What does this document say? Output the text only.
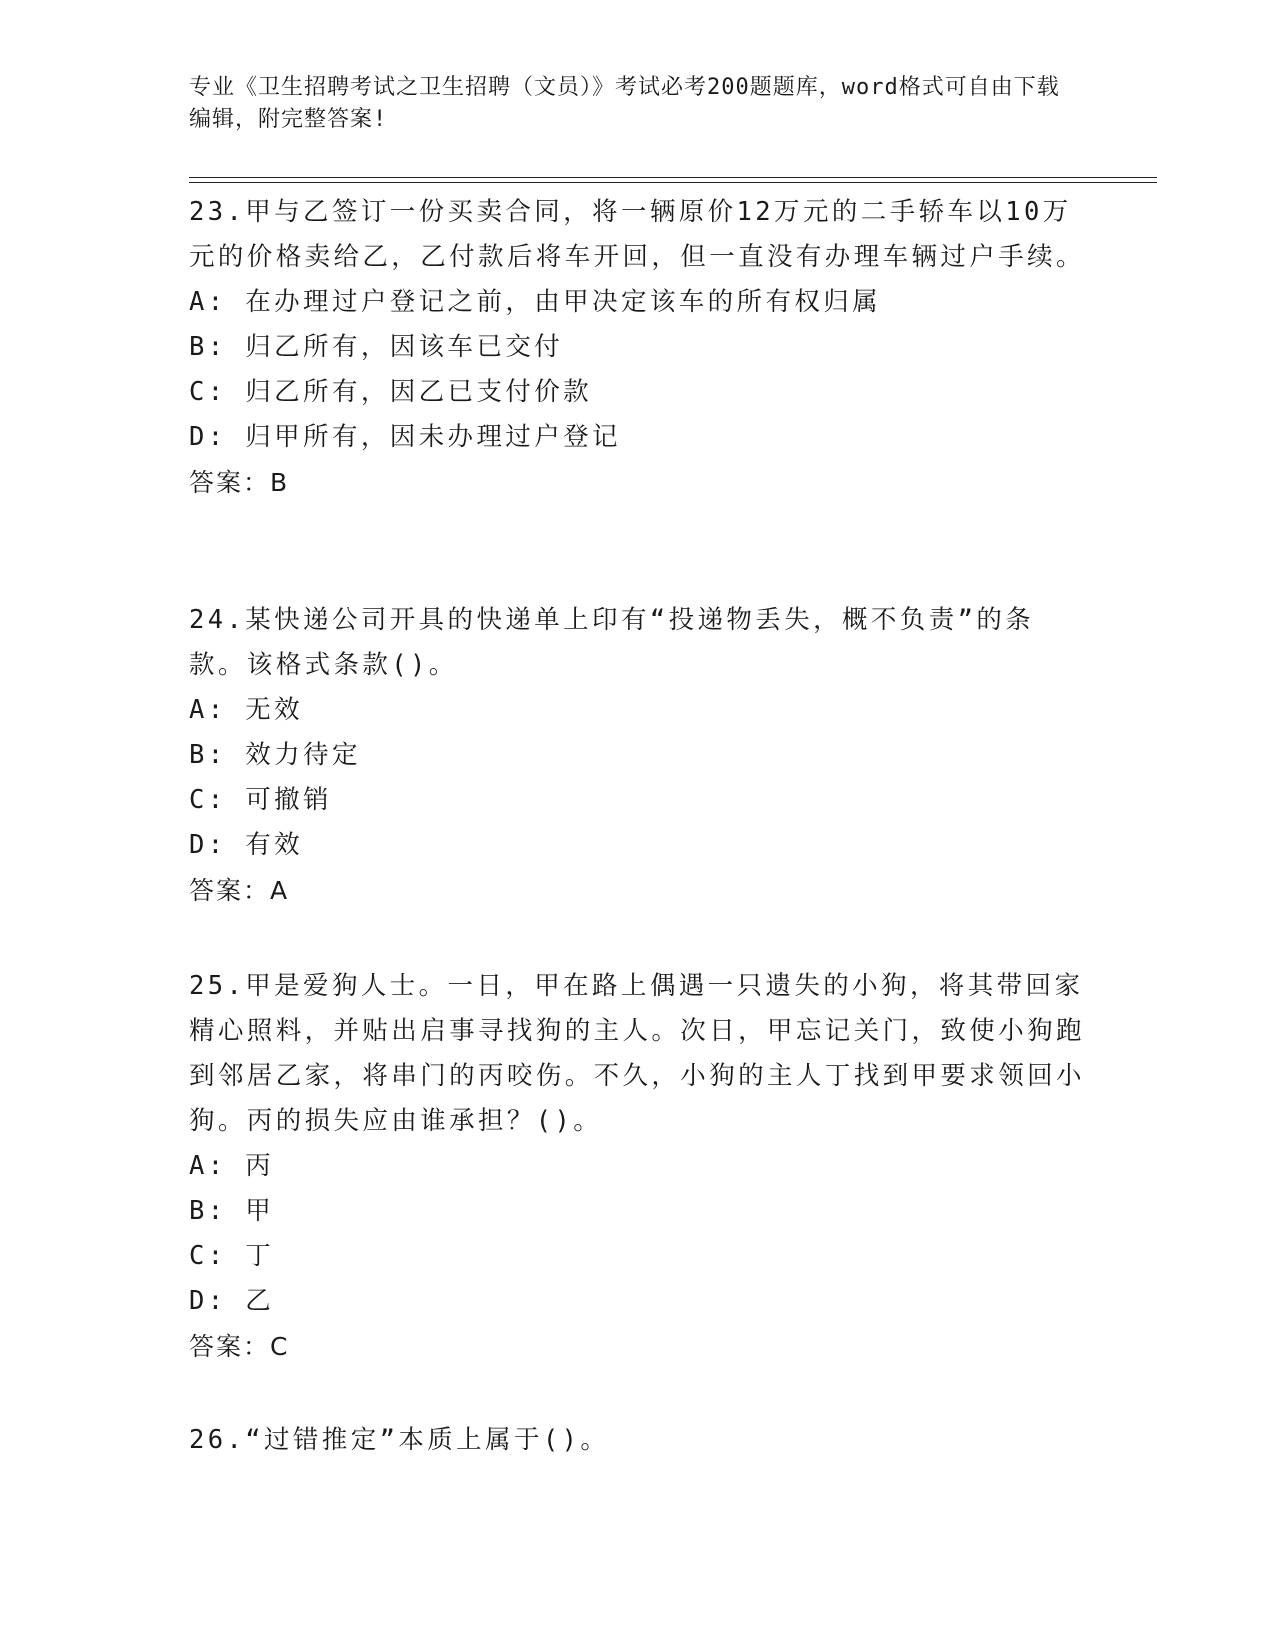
专业《卫生招聘考试之卫生招聘（文员）》考试必考200题题库，word格式可自由下载编辑，附完整答案!
23.甲与乙签订一份买卖合同，将一辆原价12万元的二手轿车以10万元的价格卖给乙，乙付款后将车开回，但一直没有办理车辆过户手续。
A: 在办理过户登记之前，由甲决定该车的所有权归属
B: 归乙所有，因该车已交付
C: 归乙所有，因乙已支付价款
D: 归甲所有，因未办理过户登记
答案：B
24.某快递公司开具的快递单上印有“投递物丢失，概不负责”的条款。该格式条款()。
A: 无效
B: 效力待定
C: 可撤销
D: 有效
答案：A
25.甲是爱狗人士。一日，甲在路上偶遇一只遗失的小狗，将其带回家精心照料，并贴出启事寻找狗的主人。次日，甲忘记关门，致使小狗跑到邻居乙家，将串门的丙咬伤。不久，小狗的主人丁找到甲要求领回小狗。丙的损失应由谁承担？()。
A: 丙
B: 甲
C: 丁
D: 乙
答案：C
26.“过错推定”本质上属于()。
